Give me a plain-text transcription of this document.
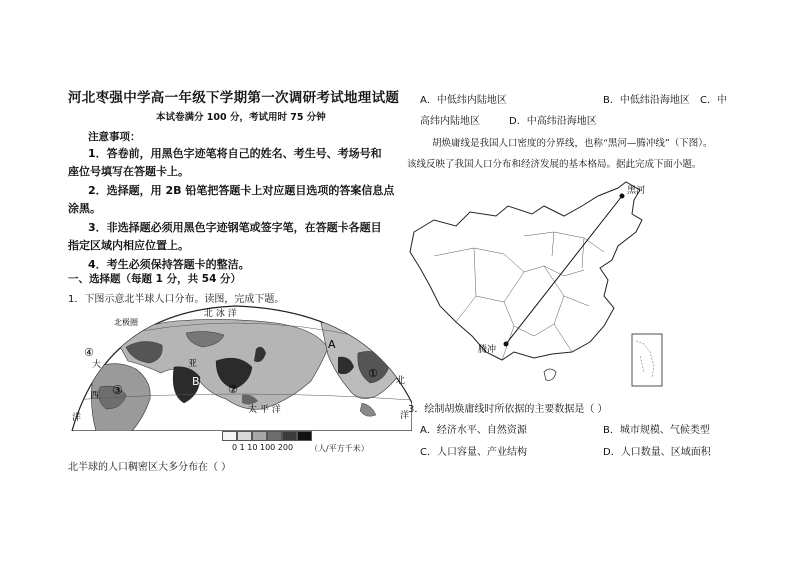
河北枣强中学高一年级下学期第一次调研考试地理试题
本试卷满分 100 分，考试用时 75 分钟
注意事项：
1．答卷前，用黑色字迹笔将自己的姓名、考生号、考场号和
座位号填写在答题卡上。
2．选择题，用 2B 铅笔把答题卡上对应题目选项的答案信息点
涂黑。
3．非选择题必须用黑色字迹钢笔或签字笔，在答题卡各题目
指定区域内相应位置上。
4．考生必须保持答题卡的整洁。
一、选择题（每题 1 分，共 54 分）
1．下图示意北半球人口分布。读图，完成下题。
大
北极圈
④
西 ③
洋
北 冰 洋
亚
B
②
太 平 洋
A
①
北
洋
0 1 10 100 200 （人/平方千米）
北半球的人口稠密区大多分布在（ ）
A．中低纬内陆地区	B．中低纬沿海地区 C．中
高纬内陆地区	D．中高纬沿海地区
胡焕庸线是我国人口密度的分界线，也称“黑河—腾冲线”（下图）。
该线反映了我国人口分布和经济发展的基本格局。据此完成下面小题。
黑河
腾冲
3．绘制胡焕庸线时所依据的主要数据是（ ）
A．经济水平、自然资源	B．城市规模、气候类型
C．人口容量、产业结构	D．人口数量、区域面积
